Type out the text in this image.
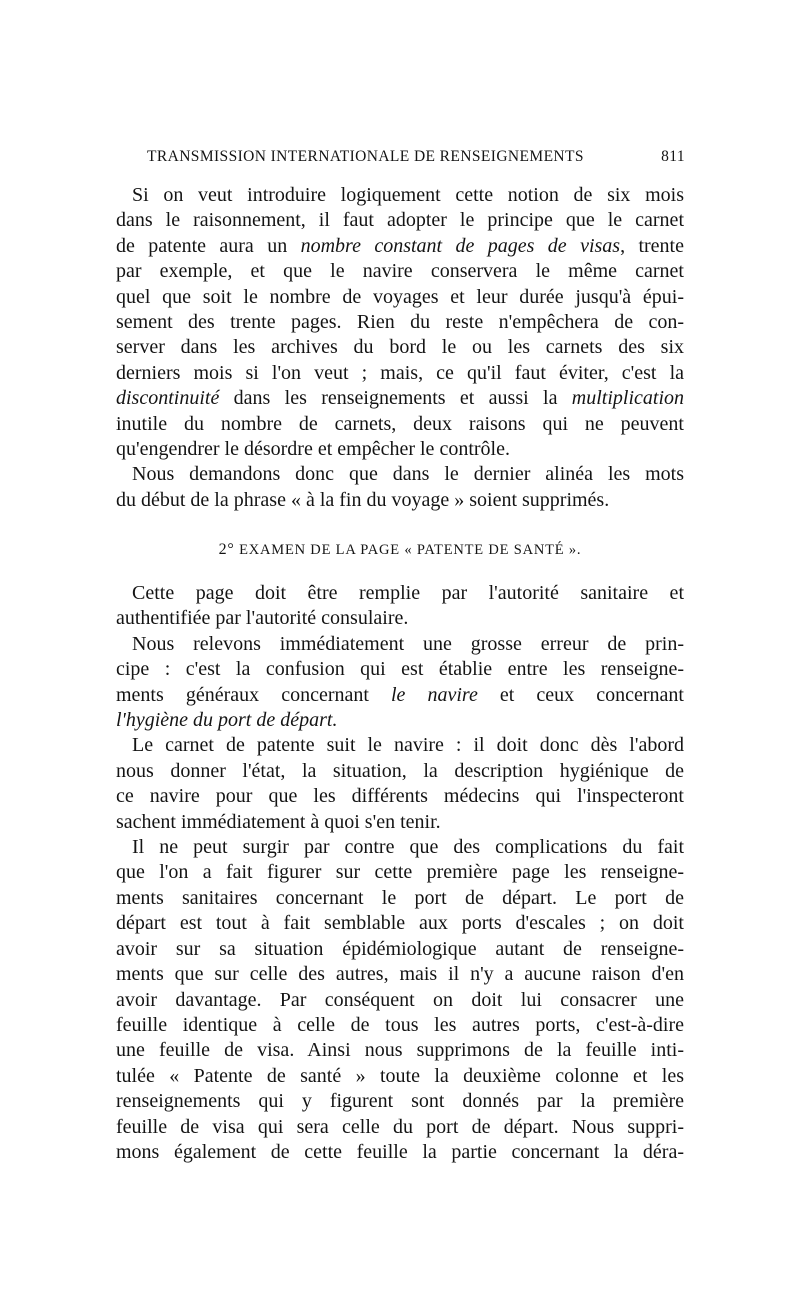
TRANSMISSION INTERNATIONALE DE RENSEIGNEMENTS	811
Si on veut introduire logiquement cette notion de six mois
dans le raisonnement, il faut adopter le principe que le carnet
de patente aura un nombre constant de pages de visas, trente
par exemple, et que le navire conservera le même carnet
quel que soit le nombre de voyages et leur durée jusqu'à épui-
sement des trente pages. Rien du reste n'empêchera de con-
server dans les archives du bord le ou les carnets des six
derniers mois si l'on veut ; mais, ce qu'il faut éviter, c'est la
discontinuité dans les renseignements et aussi la multiplication
inutile du nombre de carnets, deux raisons qui ne peuvent
qu'engendrer le désordre et empêcher le contrôle.
Nous demandons donc que dans le dernier alinéa les mots
du début de la phrase « à la fin du voyage » soient supprimés.
2° EXAMEN DE LA PAGE « PATENTE DE SANTÉ ».
Cette page doit être remplie par l'autorité sanitaire et
authentifiée par l'autorité consulaire.
Nous relevons immédiatement une grosse erreur de prin-
cipe : c'est la confusion qui est établie entre les renseigne-
ments généraux concernant le navire et ceux concernant
l'hygiène du port de départ.
Le carnet de patente suit le navire : il doit donc dès l'abord
nous donner l'état, la situation, la description hygiénique de
ce navire pour que les différents médecins qui l'inspecteront
sachent immédiatement à quoi s'en tenir.
Il ne peut surgir par contre que des complications du fait
que l'on a fait figurer sur cette première page les renseigne-
ments sanitaires concernant le port de départ. Le port de
départ est tout à fait semblable aux ports d'escales ; on doit
avoir sur sa situation épidémiologique autant de renseigne-
ments que sur celle des autres, mais il n'y a aucune raison d'en
avoir davantage. Par conséquent on doit lui consacrer une
feuille identique à celle de tous les autres ports, c'est-à-dire
une feuille de visa. Ainsi nous supprimons de la feuille inti-
tulée « Patente de santé » toute la deuxième colonne et les
renseignements qui y figurent sont donnés par la première
feuille de visa qui sera celle du port de départ. Nous suppri-
mons également de cette feuille la partie concernant la déra-
